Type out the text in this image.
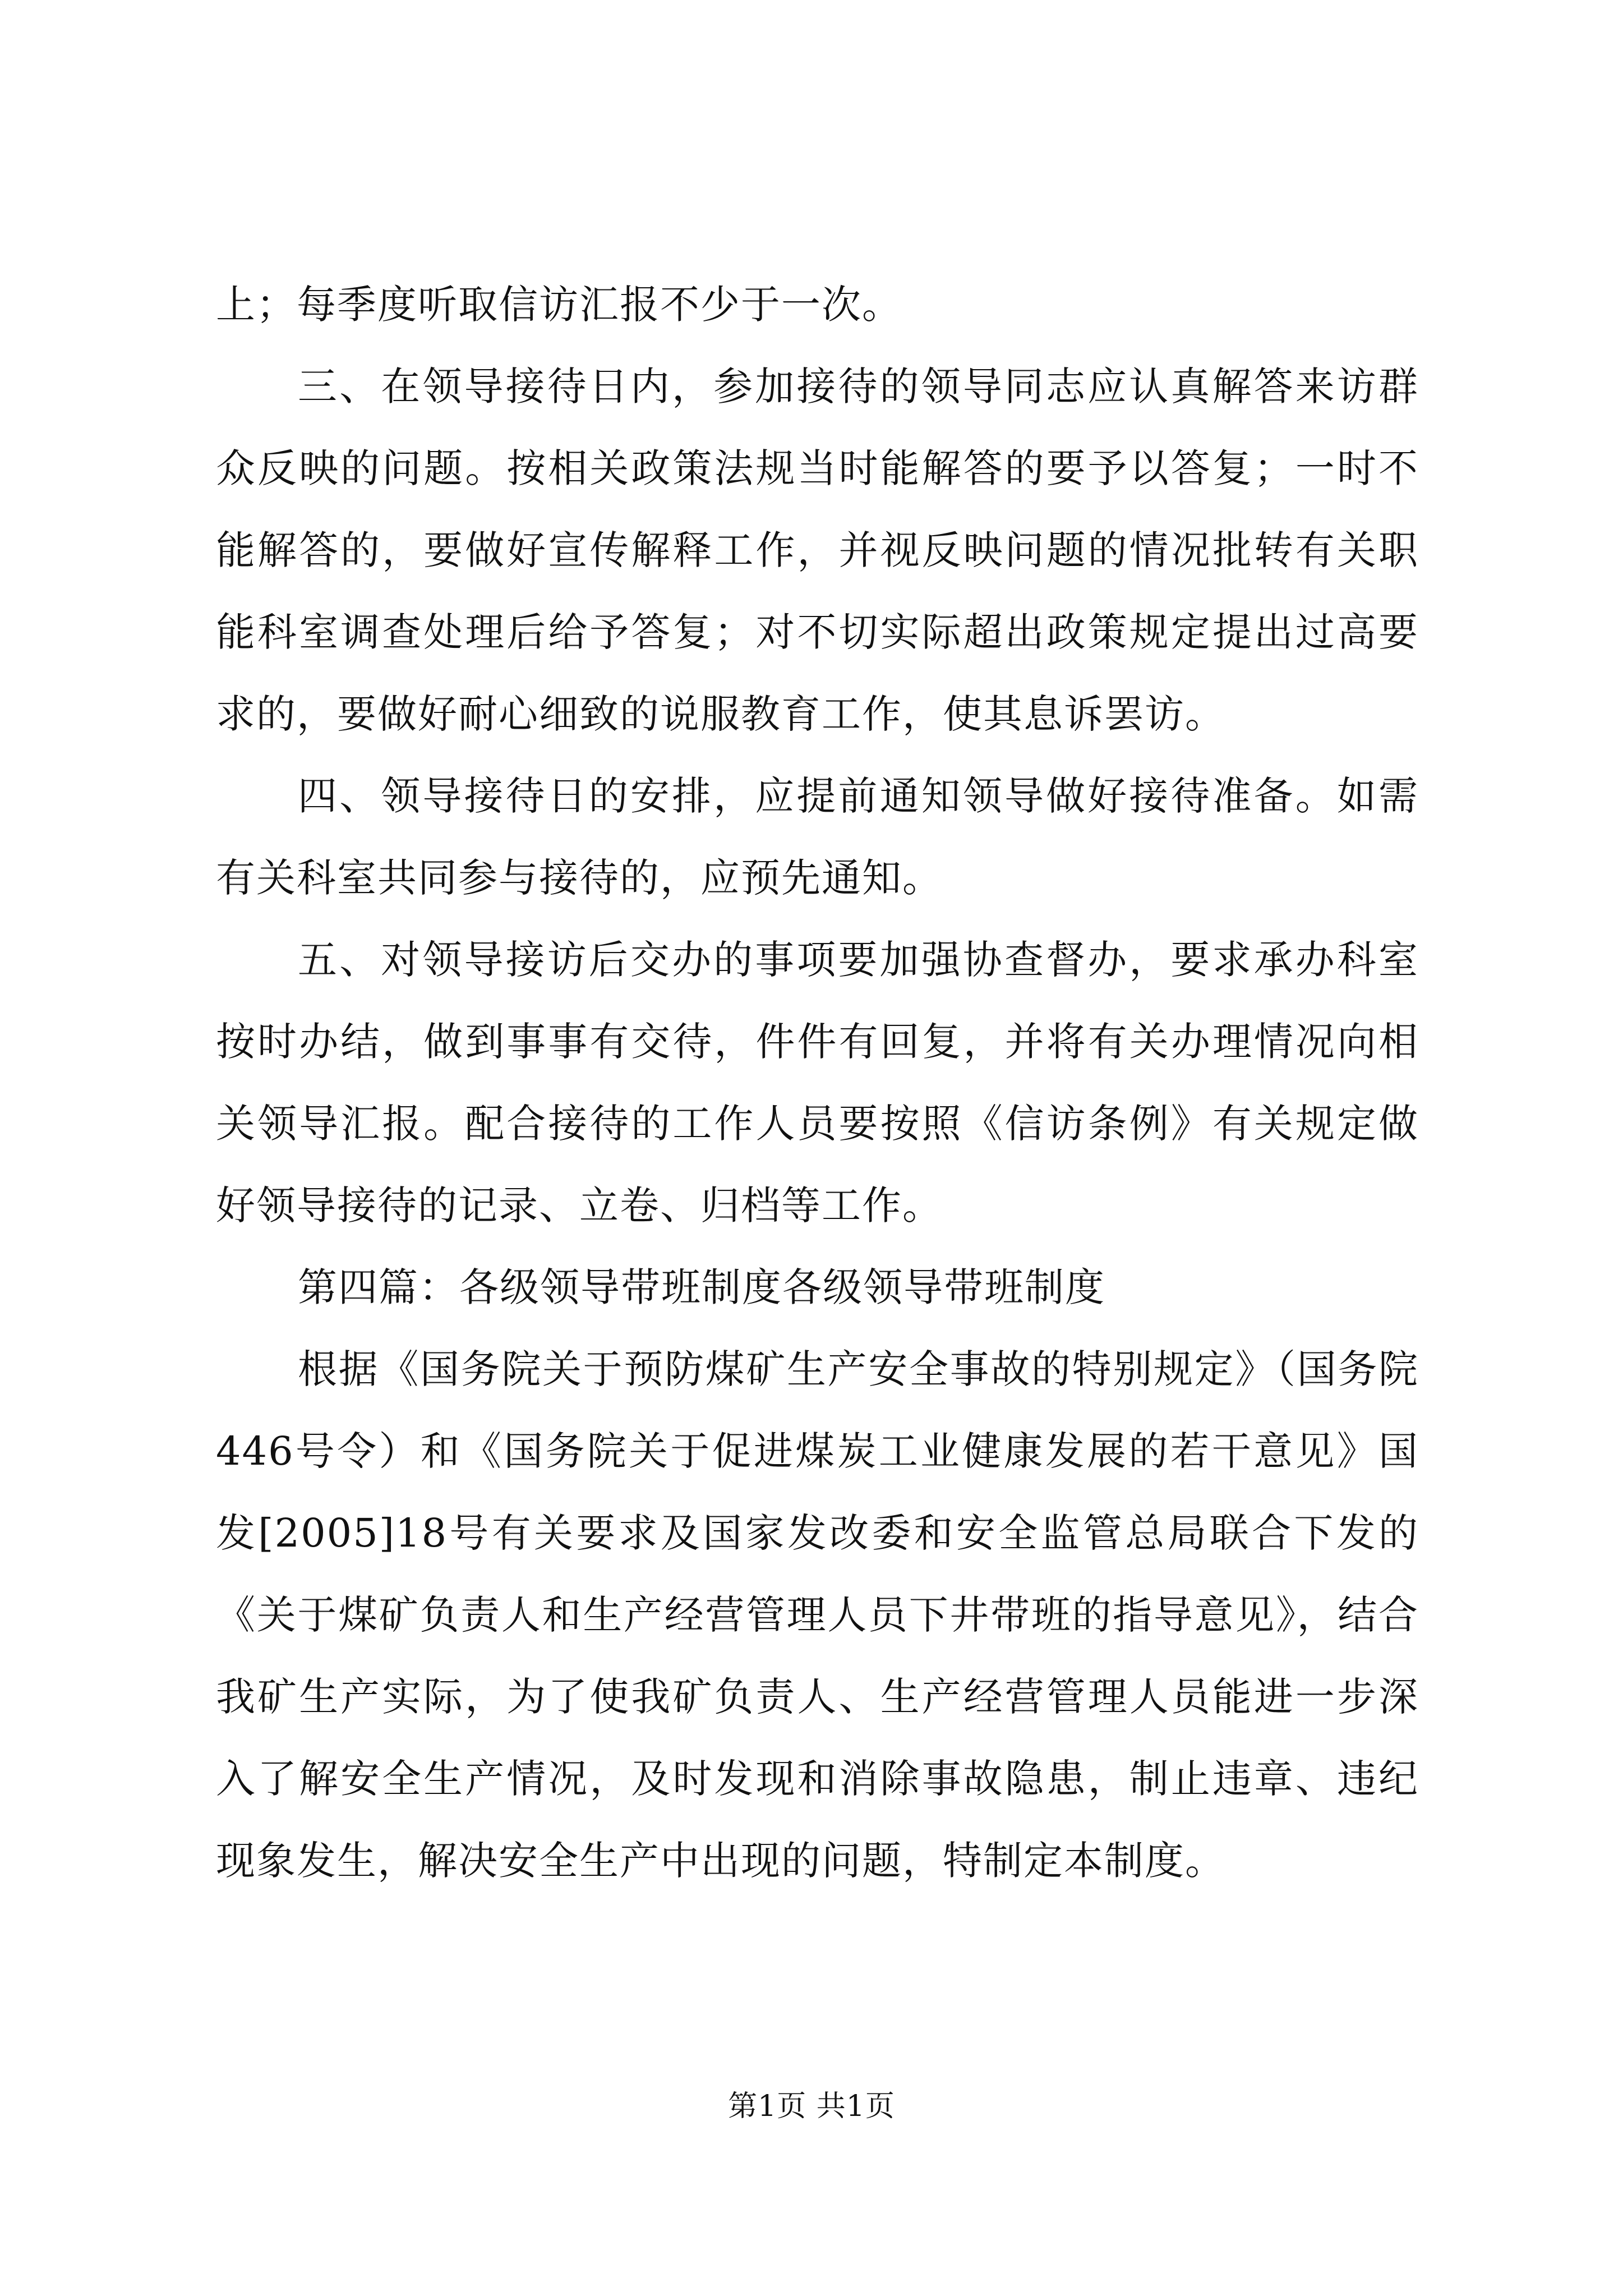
上；每季度听取信访汇报不少于一次。

三、在领导接待日内，参加接待的领导同志应认真解答来访群众反映的问题。按相关政策法规当时能解答的要予以答复；一时不能解答的，要做好宣传解释工作，并视反映问题的情况批转有关职能科室调查处理后给予答复；对不切实际超出政策规定提出过高要求的，要做好耐心细致的说服教育工作，使其息诉罢访。

四、领导接待日的安排，应提前通知领导做好接待准备。如需有关科室共同参与接待的，应预先通知。

五、对领导接访后交办的事项要加强协查督办，要求承办科室按时办结，做到事事有交待，件件有回复，并将有关办理情况向相关领导汇报。配合接待的工作人员要按照《信访条例》有关规定做好领导接待的记录、立卷、归档等工作。

第四篇：各级领导带班制度各级领导带班制度

根据《国务院关于预防煤矿生产安全事故的特别规定》（国务院446号令）和《国务院关于促进煤炭工业健康发展的若干意见》国发[2005]18号有关要求及国家发改委和安全监管总局联合下发的《关于煤矿负责人和生产经营管理人员下井带班的指导意见》，结合我矿生产实际，为了使我矿负责人、生产经营管理人员能进一步深入了解安全生产情况，及时发现和消除事故隐患，制止违章、违纪现象发生，解决安全生产中出现的问题，特制定本制度。

第1页 共1页
